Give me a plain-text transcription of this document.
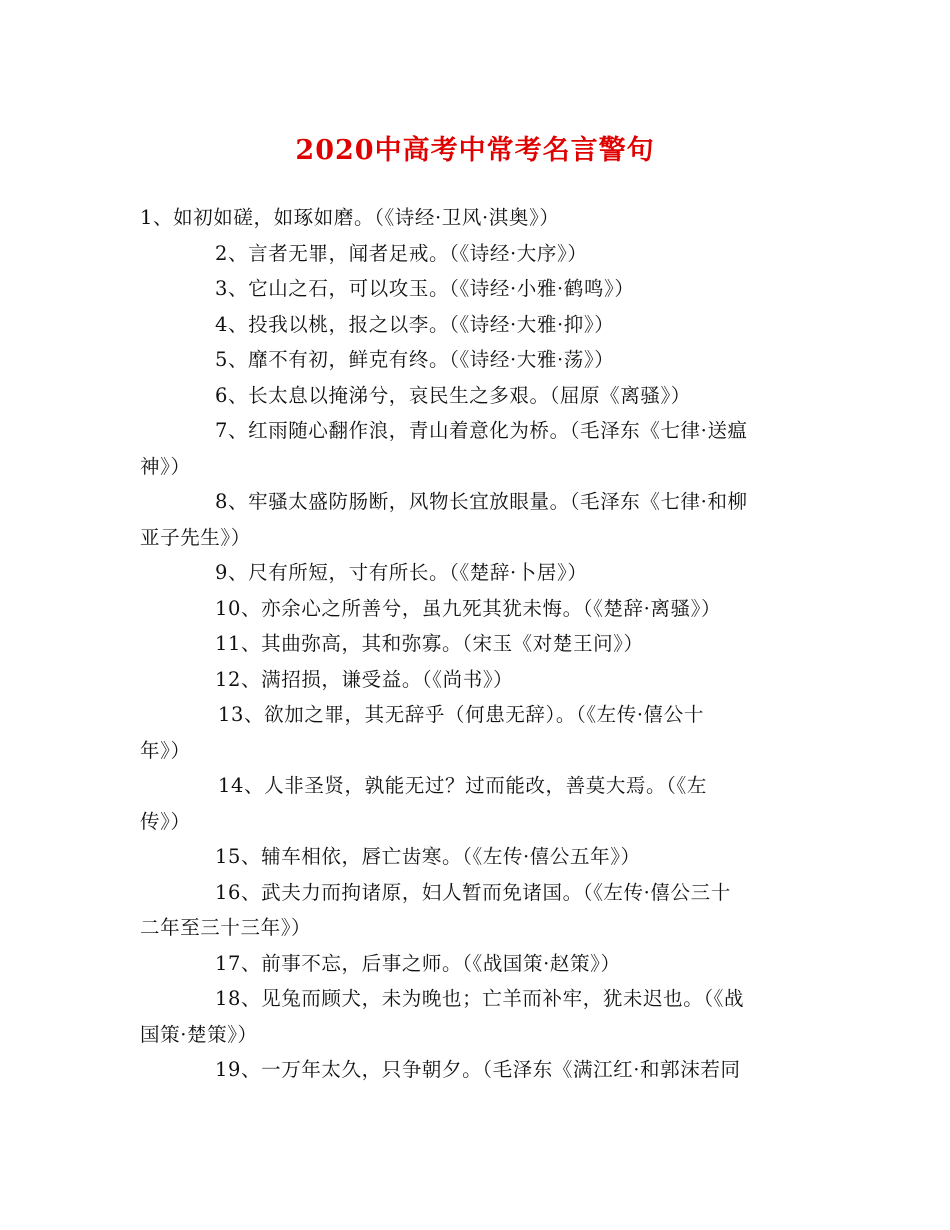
2020中高考中常考名言警句

1、如初如磋，如琢如磨。（《诗经·卫风·淇奥》）

2、言者无罪，闻者足戒。（《诗经·大序》）

3、它山之石，可以攻玉。（《诗经·小雅·鹤鸣》）

4、投我以桃，报之以李。（《诗经·大雅·抑》）

5、靡不有初，鲜克有终。（《诗经·大雅·荡》）

6、长太息以掩涕兮，哀民生之多艰。（屈原《离骚》）

7、红雨随心翻作浪，青山着意化为桥。（毛泽东《七律·送瘟
神》）

8、牢骚太盛防肠断，风物长宜放眼量。（毛泽东《七律·和柳
亚子先生》）

9、尺有所短，寸有所长。（《楚辞·卜居》）

10、亦余心之所善兮，虽九死其犹未悔。（《楚辞·离骚》）

11、其曲弥高，其和弥寡。（宋玉《对楚王问》）

12、满招损，谦受益。（《尚书》）

13、欲加之罪，其无辞乎（何患无辞）。（《左传·僖公十
年》）

14、人非圣贤，孰能无过？过而能改，善莫大焉。（《左
传》）

15、辅车相依，唇亡齿寒。（《左传·僖公五年》）

16、武夫力而拘诸原，妇人暂而免诸国。（《左传·僖公三十
二年至三十三年》）

17、前事不忘，后事之师。（《战国策·赵策》）

18、见兔而顾犬，未为晚也；亡羊而补牢，犹未迟也。（《战
国策·楚策》）

19、一万年太久，只争朝夕。（毛泽东《满江红·和郭沫若同
